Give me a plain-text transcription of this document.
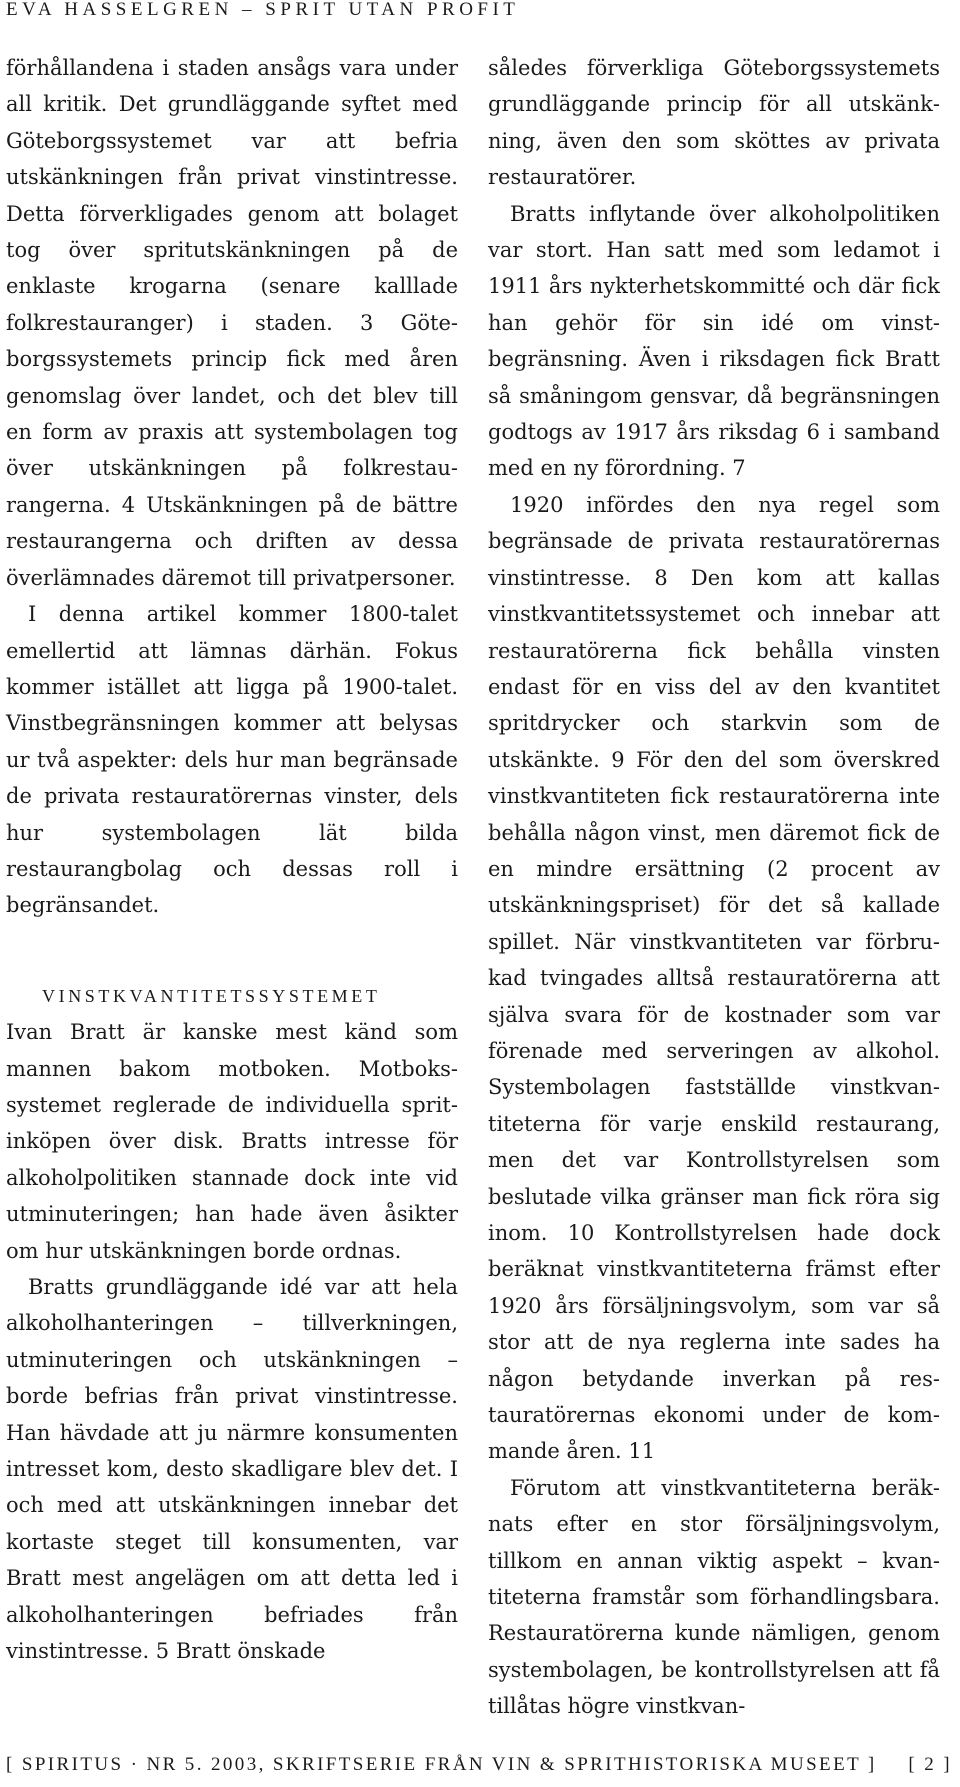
EVA HASSELGREN – SPRIT UTAN PROFIT

förhållandena i staden ansågs vara under all kritik. Det grundläggande syftet med Göteborgssystemet var att befria utskänkningen från privat vinstintresse. Detta förverkligades genom att bolaget tog över spritutskänkningen på de enklaste krogarna (senare kalllade folkrestauranger) i staden. 3 Göteborgssystemets princip fick med åren genomslag över landet, och det blev till en form av praxis att systembolagen tog över utskänkningen på folkrestaurangerna. 4 Utskänkningen på de bättre restaurangerna och driften av dessa överlämnades däremot till privatpersoner.

I denna artikel kommer 1800-talet emellertid att lämnas därhän. Fokus kommer istället att ligga på 1900-talet. Vinstbegränsningen kommer att belysas ur två aspekter: dels hur man begränsade de privata restauratörernas vinster, dels hur systembolagen lät bilda restaurangbolag och dessas roll i begränsandet.

VINSTKVANTITETSSYSTEMET

Ivan Bratt är kanske mest känd som mannen bakom motboken. Motbokssystemet reglerade de individuella spritinköpen över disk. Bratts intresse för alkoholpolitiken stannade dock inte vid utminuteringen; han hade även åsikter om hur utskänkningen borde ordnas.

Bratts grundläggande idé var att hela alkoholhanteringen – tillverkningen, utminuteringen och utskänkningen – borde befrias från privat vinstintresse. Han hävdade att ju närmre konsumenten intresset kom, desto skadligare blev det. I och med att utskänkningen innebar det kortaste steget till konsumenten, var Bratt mest angelägen om att detta led i alkoholhanteringen befriades från vinstintresse. 5 Bratt önskade

således förverkliga Göteborgssystemets grundläggande princip för all utskänkning, även den som sköttes av privata restauratörer.

Bratts inflytande över alkoholpolitiken var stort. Han satt med som ledamot i 1911 års nykterhetskommitté och där fick han gehör för sin idé om vinstbegränsning. Även i riksdagen fick Bratt så småningom gensvar, då begränsningen godtogs av 1917 års riksdag 6 i samband med en ny förordning. 7

1920 infördes den nya regel som begränsade de privata restauratörernas vinstintresse. 8 Den kom att kallas vinstkvantitetssystemet och innebar att restauratörerna fick behålla vinsten endast för en viss del av den kvantitet spritdrycker och starkvin som de utskänkte. 9 För den del som överskred vinstkvantiteten fick restauratörerna inte behålla någon vinst, men däremot fick de en mindre ersättning (2 procent av utskänkningspriset) för det så kallade spillet. När vinstkvantiteten var förbrukad tvingades alltså restauratörerna att själva svara för de kostnader som var förenade med serveringen av alkohol. Systembolagen fastställde vinstkvantiteterna för varje enskild restaurang, men det var Kontrollstyrelsen som beslutade vilka gränser man fick röra sig inom. 10 Kontrollstyrelsen hade dock beräknat vinstkvantiteterna främst efter 1920 års försäljningsvolym, som var så stor att de nya reglerna inte sades ha någon betydande inverkan på restauratörernas ekonomi under de kommande åren. 11

Förutom att vinstkvantiteterna beräknats efter en stor försäljningsvolym, tillkom en annan viktig aspekt – kvantiteterna framstår som förhandlingsbara. Restauratörerna kunde nämligen, genom systembolagen, be kontrollstyrelsen att få tillåtas högre vinstkvan-

[ SPIRITUS · NR 5. 2003, SKRIFTSERIE FRÅN VIN & SPRITHISTORISKA MUSEET ] [ 2 ]
